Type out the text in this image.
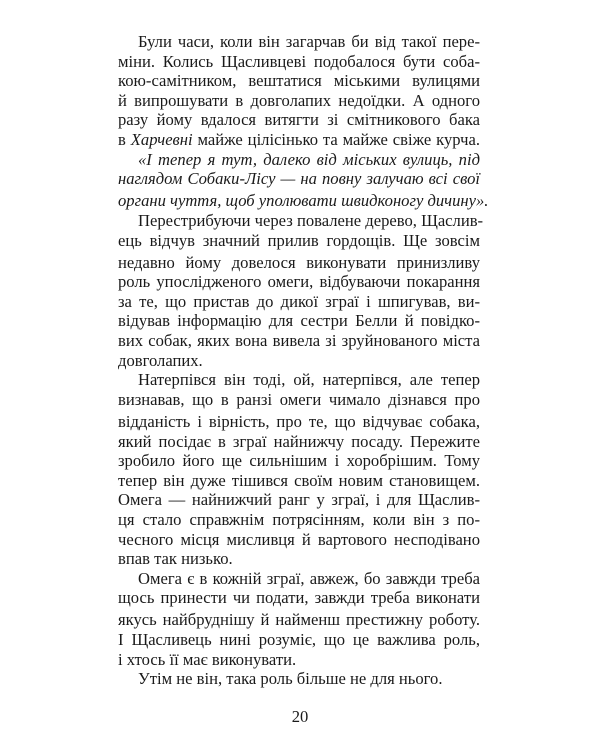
Були часи, коли він загарчав би від такої пере-
міни. Колись Щасливцеві подобалося бути соба-
кою-самітником, вештатися міськими вулицями
й випрошувати в довголапих недоїдки. А одного
разу йому вдалося витягти зі смітникового бака
в Харчевні майже цілісінько та майже свіже курча.
«І тепер я тут, далеко від міських вулиць, під
наглядом Собаки-Лісу — на повну залучаю всі свої
органи чуття, щоб уполювати швидконогу дичину».
Перестрибуючи через повалене дерево, Щаслив-
ець відчув значний прилив гордощів. Ще зовсім
недавно йому довелося виконувати принизливу
роль упослідженого омеги, відбуваючи покарання
за те, що пристав до дикої зграї і шпигував, ви-
відував інформацію для сестри Белли й повідко-
вих собак, яких вона вивела зі зруйнованого міста
довголапих.
Натерпівся він тоді, ой, натерпівся, але тепер
визнавав, що в ранзі омеги чимало дізнався про
відданість і вірність, про те, що відчуває собака,
який посідає в зграї найнижчу посаду. Пережите
зробило його ще сильнішим і хоробрішим. Тому
тепер він дуже тішився своїм новим становищем.
Омега — найнижчий ранг у зграї, і для Щаслив-
ця стало справжнім потрясінням, коли він з по-
чесного місця мисливця й вартового несподівано
впав так низько.
Омега є в кожній зграї, авжеж, бо завжди треба
щось принести чи подати, завжди треба виконати
20
якусь найбруднішу й найменш престижну роботу.
І Щасливець нині розуміє, що це важлива роль,
і хтось її має виконувати.
Утім не він, така роль більше не для нього.
